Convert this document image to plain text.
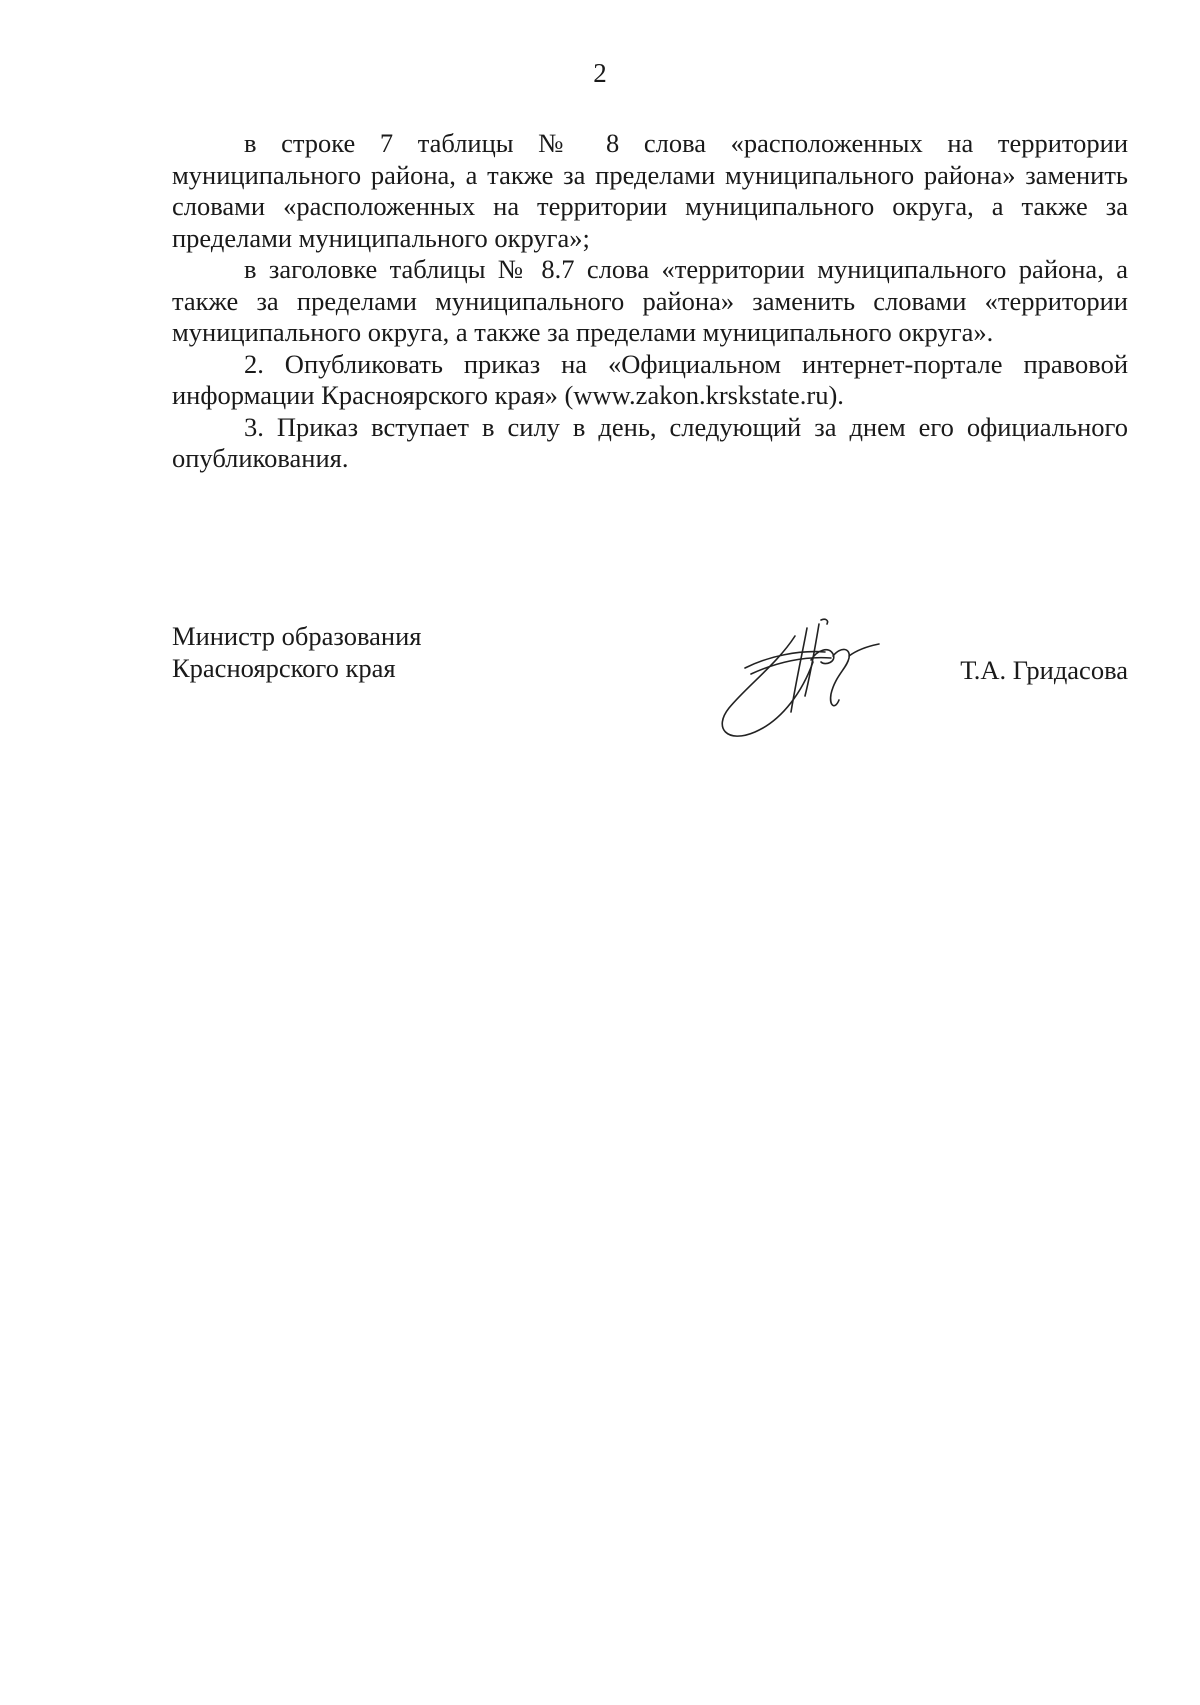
2

в строке 7 таблицы № 8 слова «расположенных на территории муниципального района, а также за пределами муниципального района» заменить словами «расположенных на территории муниципального округа, а также за пределами муниципального округа»;

в заголовке таблицы № 8.7 слова «территории муниципального района, а также за пределами муниципального района» заменить словами «территории муниципального округа, а также за пределами муниципального округа».

2. Опубликовать приказ на «Официальном интернет-портале правовой информации Красноярского края» (www.zakon.krskstate.ru).

3. Приказ вступает в силу в день, следующий за днем его официального опубликования.

Министр образования
Красноярского края	Т.А. Гридасова
